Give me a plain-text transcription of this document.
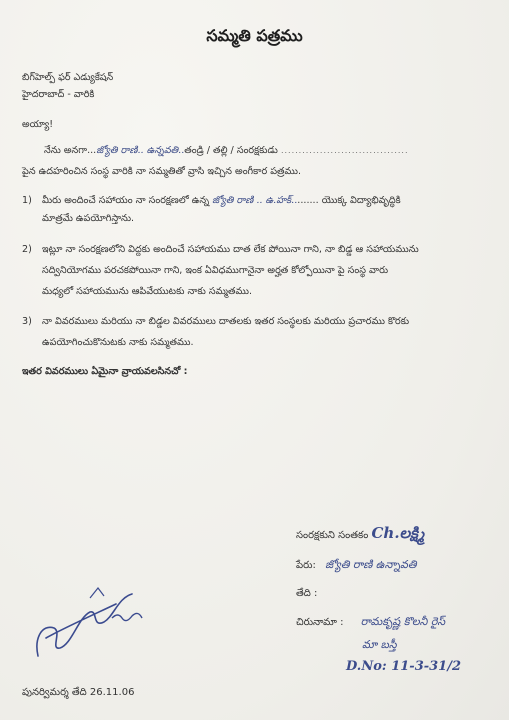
సమ్మతి పత్రము
బిగ్‌హెల్ప్ ఫర్ ఎడ్యుకేషన్
హైదరాబాద్ - వారికి
అయ్యా!
నేను అనగా...జ్యోతి రాణి.. ఉన్నవ‌తి..తండ్రి / తల్లి / సంరక్షకుడు ....................................
పైన ఉదహరించిన సంస్థ వారికి నా సమ్మతితో వ్రాసి ఇచ్చిన అంగీకార పత్రము.
1) మీరు అందించే సహాయం నా సంరక్షణలో ఉన్న జ్యోతి రాణి .. ఉ.హక్......... యొక్క విద్యాభివృద్ధికి
మాత్రమే ఉపయోగిస్తాను.
2) ఇట్లూ నా సంరక్షణలోని విద్దకు అందించే సహాయము దాత లేక పోయినా గాని, నా బిడ్డ ఆ సహాయమును
సద్వినియోగము పరచకపోయినా గాని, ఇంక ఏవిధముగానైనా అర్హత కోల్పోయినా పై సంస్థ వారు
మధ్యలో సహాయమును ఆపివేయుటకు నాకు సమ్మతము.
3) నా వివరములు మరియు నా బిడ్డల వివరములు దాతలకు ఇతర సంస్థలకు మరియు ప్రచారము కొరకు
ఉపయోగించుకొనుటకు నాకు సమ్మతము.
ఇతర వివరములు ఏమైనా వ్రాయవలసినచో :
సంరక్షకుని సంతకం Ch.లక్ష్మి
పేరు: జ్యోతి రాణి ఉన్నావతి
తేది :
చిరునామా : రామకృష్ణ కొలనీ రైస్
మా బస్తీ
D.No: 11-3-31/2
పునర్విమర్శ తేది 26.11.06
